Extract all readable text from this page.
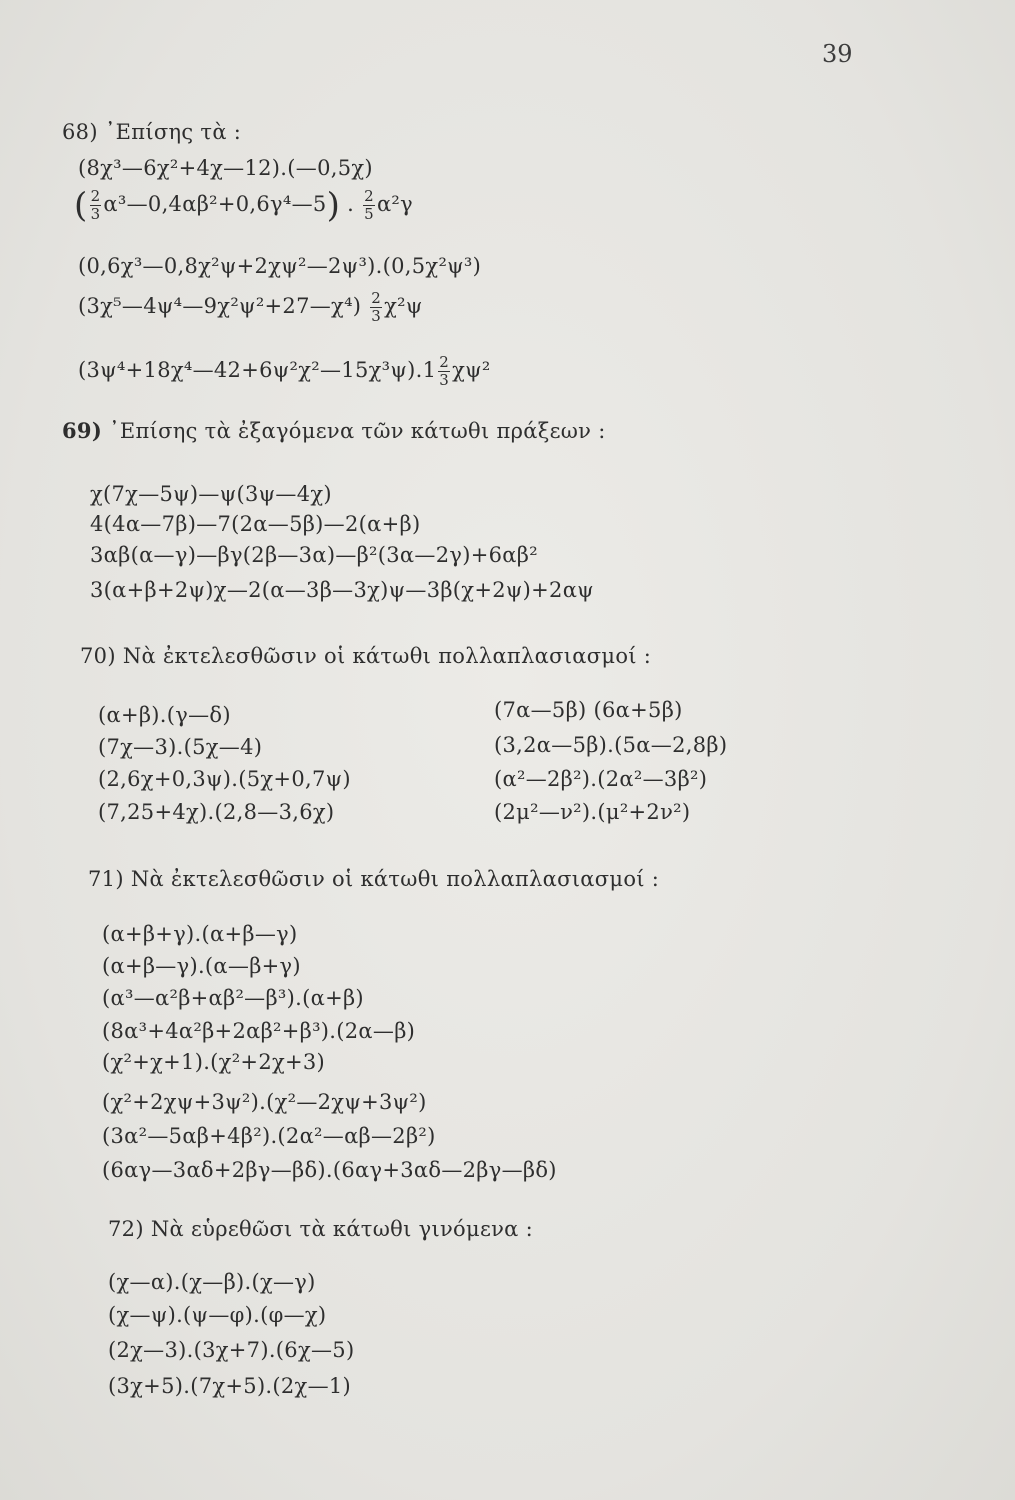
39
68) ᾿Επίσης τὰ :
(8χ³—6χ²+4χ—12).(—0,5χ)
( $\frac{2}{3}$ α³—0,4αβ²+0,6γ⁴—5) . $\frac{2}{5} \alpha^2\gamma$
(0,6χ³—0,8χ²ψ+2χψ²—2ψ³).(0,5χ²ψ³)
(3χ⁵—4ψ⁴—9χ²ψ²+27—χ⁴) $\frac{2}{3} \chi^2\psi$
(3ψ⁴+18χ⁴—42+6ψ²χ²—15χ³ψ).1 $\frac{2}{3} \chi\psi^2$
69) ᾿Επίσης τὰ ἐξαγόμενα τῶν κάτωθι πράξεων :
χ(7χ—5ψ)—ψ(3ψ—4χ)
4(4α—7β)—7(2α—5β)—2(α+β)
3αβ(α—γ)—βγ(2β—3α)—β²(3α—2γ)+6αβ²
3(α+β+2ψ)χ—2(α—3β—3χ)ψ—3β(χ+2ψ)+2αψ
70) Νὰ ἐκτελεσθῶσιν οἱ κάτωθι πολλαπλασιασμοί :
(α+β).(γ—δ)
(7χ—3).(5χ—4)
(2,6χ+0,3ψ).(5χ+0,7ψ)
(7,25+4χ).(2,8—3,6χ)
(7α—5β) (6α+5β)
(3,2α—5β).(5α—2,8β)
(α²—2β²).(2α²—3β²)
(2μ²—ν²).(μ²+2ν²)
71) Νὰ ἐκτελεσθῶσιν οἱ κάτωθι πολλαπλασιασμοί :
(α+β+γ).(α+β—γ)
(α+β—γ).(α—β+γ)
(α³—α²β+αβ²—β³).(α+β)
(8α³+4α²β+2αβ²+β³).(2α—β)
(χ²+χ+1).(χ²+2χ+3)
(χ²+2χψ+3ψ²).(χ²—2χψ+3ψ²)
(3α²—5αβ+4β²).(2α²—αβ—2β²)
(6αγ—3αδ+2βγ—βδ).(6αγ+3αδ—2βγ—βδ)
72) Νὰ εὑρεθῶσι τὰ κάτωθι γινόμενα :
(χ—α).(χ—β).(χ—γ)
(χ—ψ).(ψ—φ).(φ—χ)
(2χ—3).(3χ+7).(6χ—5)
(3χ+5).(7χ+5).(2χ—1)
